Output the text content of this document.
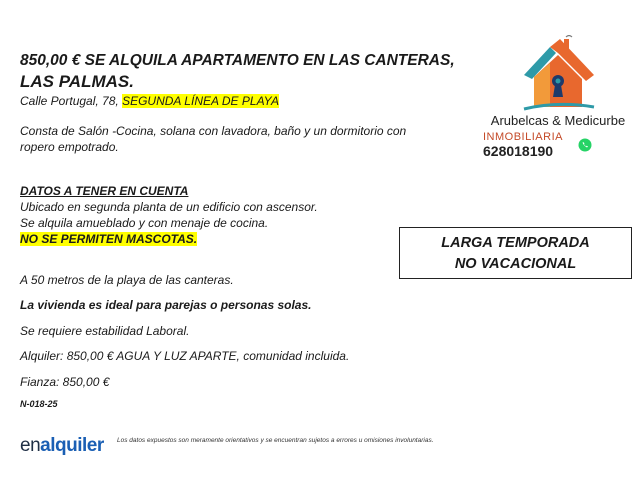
850,00 € SE ALQUILA APARTAMENTO EN LAS CANTERAS,
LAS PALMAS.
Calle Portugal, 78, SEGUNDA LÍNEA DE PLAYA
Consta de Salón -Cocina, solana con lavadora, baño y un dormitorio con ropero empotrado.
DATOS A TENER EN CUENTA
Ubicado en segunda planta de un edificio con ascensor.
Se alquila amueblado y con menaje de cocina.
NO SE PERMITEN MASCOTAS.	LARGA TEMPORADA
NO VACACIONAL
A 50 metros de la playa de las canteras.
La vivienda es ideal para parejas o personas solas.
Se requiere estabilidad Laboral.
Alquiler: 850,00 € AGUA Y LUZ APARTE, comunidad incluida.
Fianza: 850,00 €
N-018-25
Arubelcas & Medicurbe
INMOBILIARIA
628018190
enalquiler Los datos expuestos son meramente orientativos y se encuentran sujetos a errores u omisiones involuntarias.
